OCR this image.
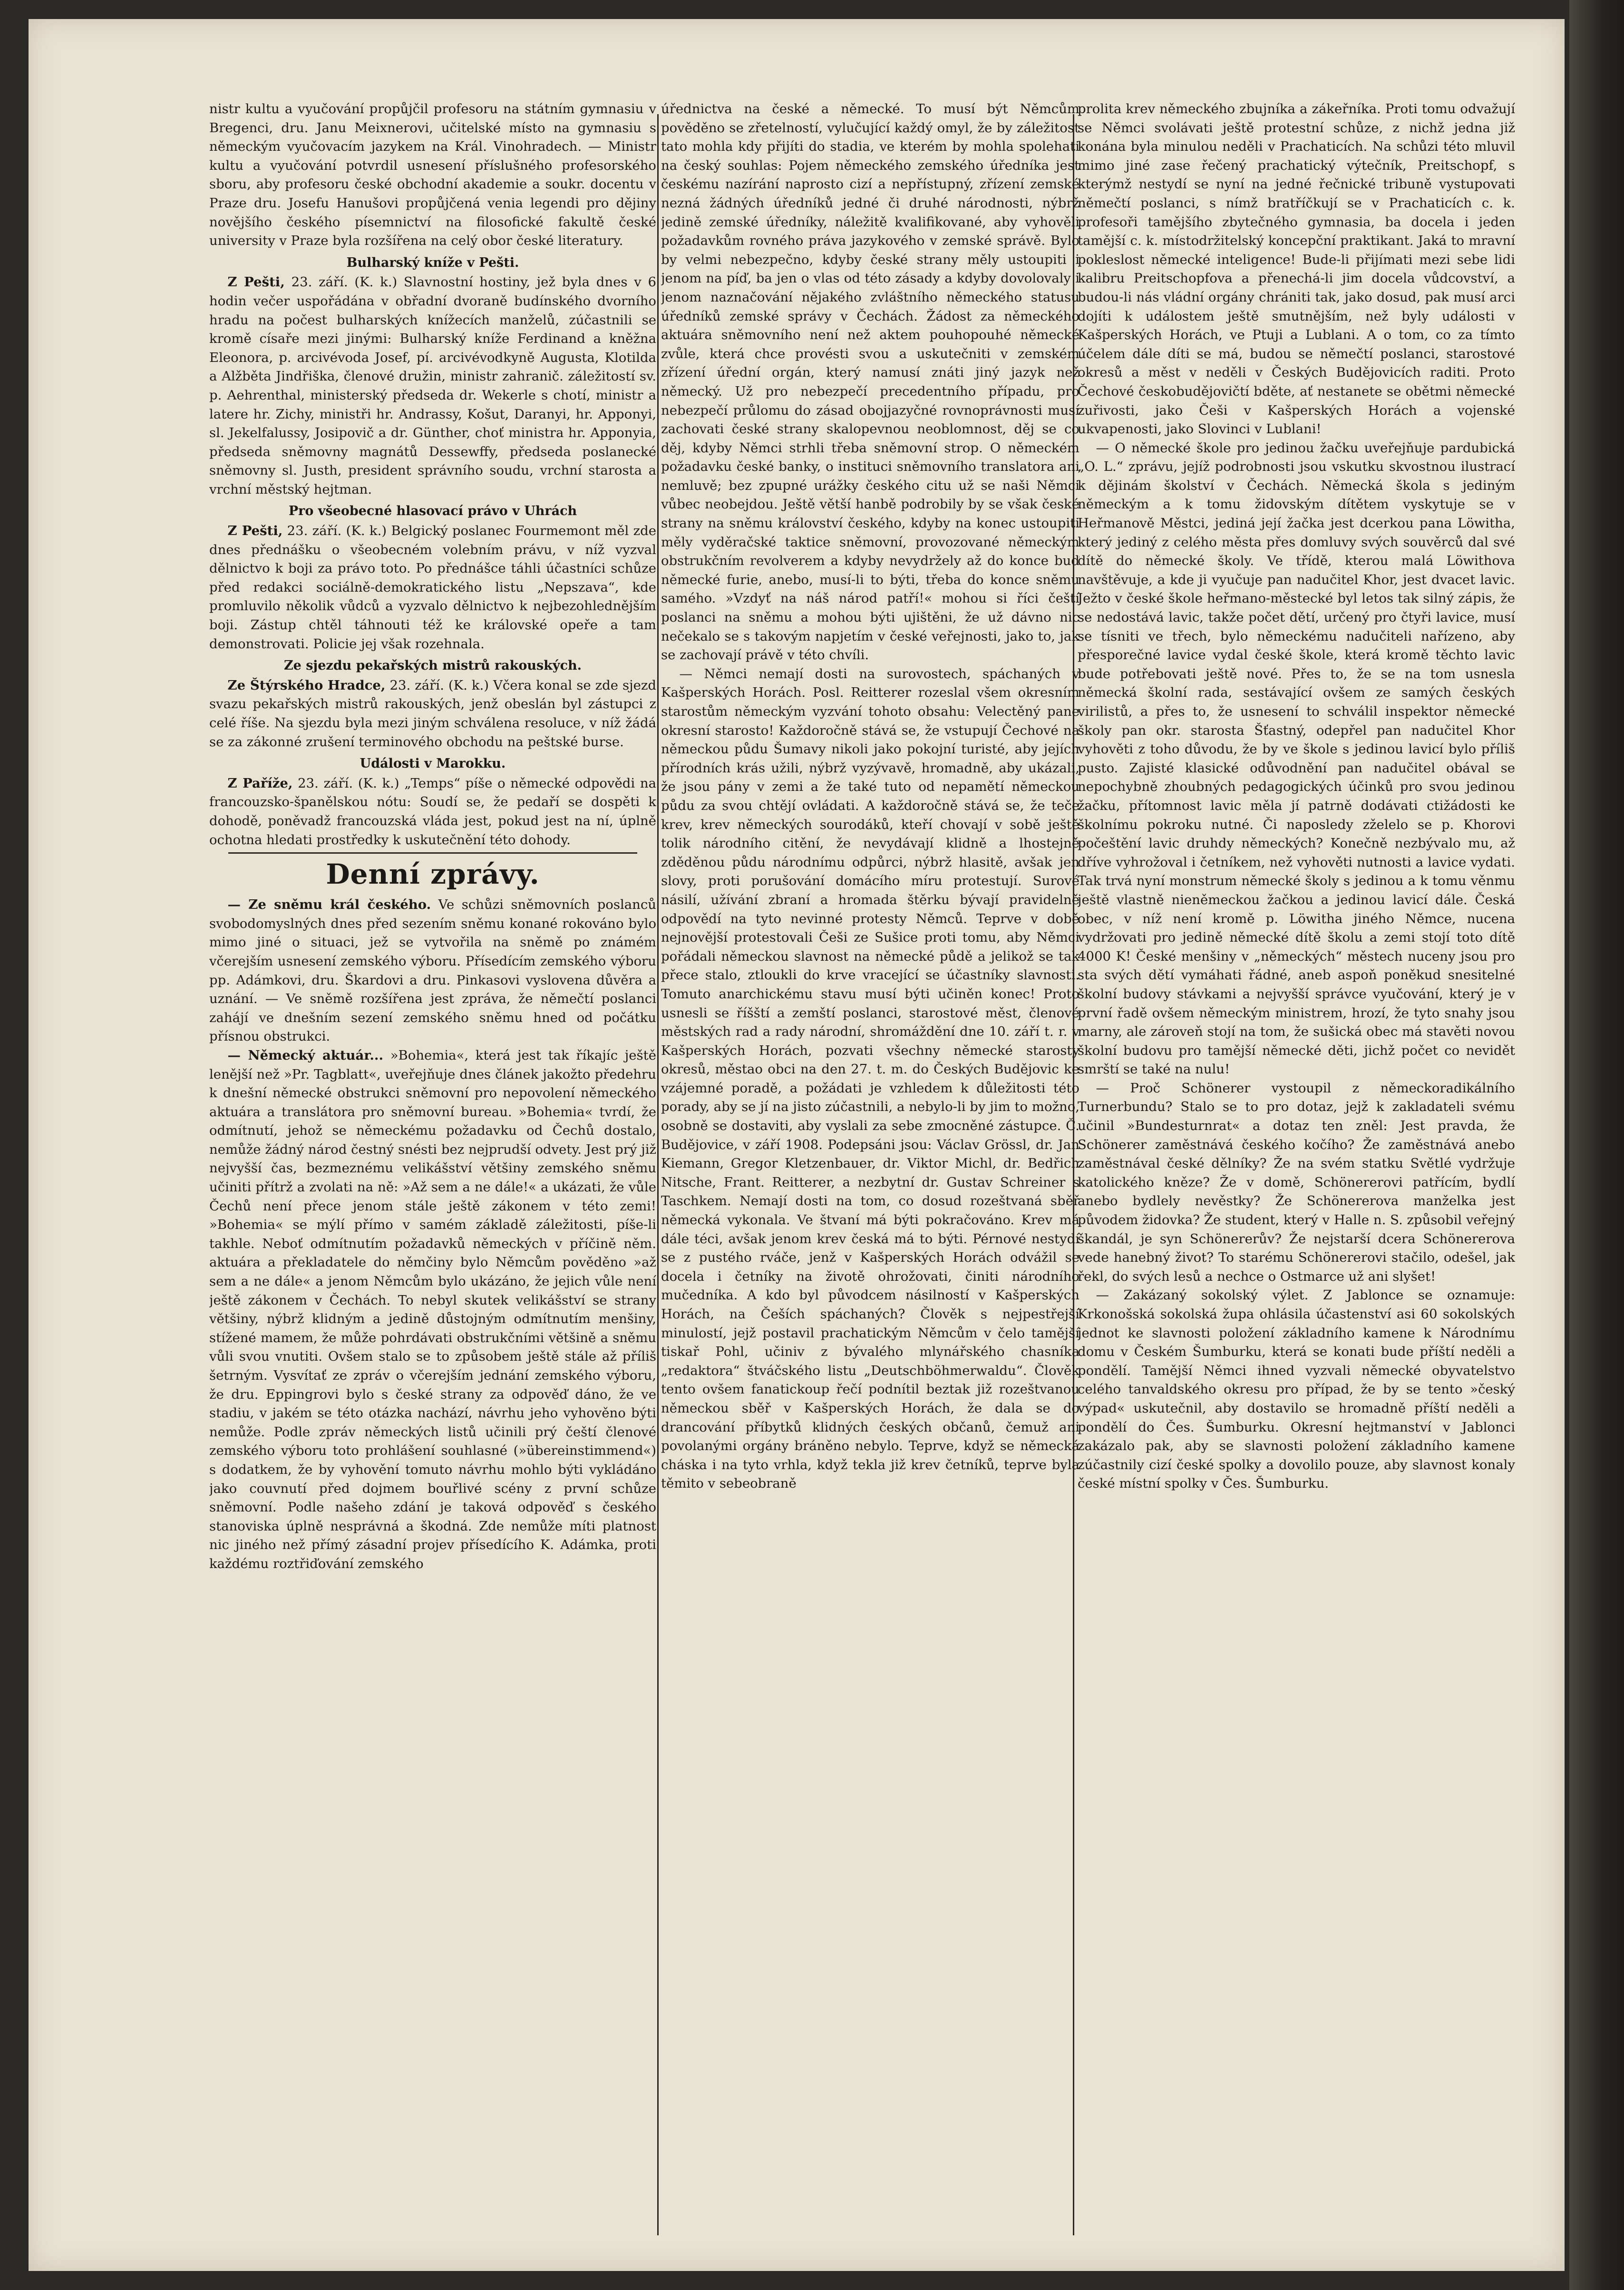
nistr kultu a vyučování propůjčil profesoru na státním gymnasiu v Bregenci, dru. Janu Meixnerovi, učitelské místo na gymnasiu s německým vyučovacím jazykem na Král. Vinohradech. — Ministr kultu a vyučování potvrdil usnesení příslušného profesorského sboru, aby profesoru české obchodní akademie a soukr. docentu v Praze dru. Josefu Hanušovi propůjčená venia legendi pro dějiny novějšího českého písemnictví na filosofické fakultě české university v Praze byla rozšířena na celý obor české literatury.

Bulharský kníže v Pešti.

Z Pešti, 23. září. (K. k.) Slavnostní hostiny, jež byla dnes v 6 hodin večer uspořádána v obřadní dvoraně budínského dvorního hradu na počest bulharských knížecích manželů, zúčastnili se kromě císaře mezi jinými: Bulharský kníže Ferdinand a kněžna Eleonora, p. arcivévoda Josef, pí. arcivévodkyně Augusta, Klotilda a Alžběta Jindřiška, členové družin, ministr zahranič. záležitostí sv. p. Aehrenthal, ministerský předseda dr. Wekerle s chotí, ministr a latere hr. Zichy, ministři hr. Andrassy, Košut, Daranyi, hr. Apponyi, sl. Jekelfalussy, Josipovič a dr. Günther, choť ministra hr. Apponyia, předseda sněmovny magnátů Dessewffy, předseda poslanecké sněmovny sl. Justh, president správního soudu, vrchní starosta a vrchní městský hejtman.

Pro všeobecné hlasovací právo v Uhrách

Z Pešti, 23. září. (K. k.) Belgický poslanec Fourmemont měl zde dnes přednášku o všeobecném volebním právu, v níž vyzval dělnictvo k boji za právo toto. Po přednášce táhli účastníci schůze před redakci sociálně-demokratického listu „Nepszava“, kde promluvilo několik vůdců a vyzvalo dělnictvo k nejbezohlednějším boji. Zástup chtěl táhnouti též ke královské opeře a tam demonstrovati. Policie jej však rozehnala.

Ze sjezdu pekařských mistrů rakouských.

Ze Štýrského Hradce, 23. září. (K. k.) Včera konal se zde sjezd svazu pekařských mistrů rakouských, jenž obeslán byl zástupci z celé říše. Na sjezdu byla mezi jiným schválena resoluce, v níž žádá se za zákonné zrušení terminového obchodu na peštské burse.

Události v Marokku.

Z Paříže, 23. září. (K. k.) „Temps“ píše o německé odpovědi na francouzsko-španělskou nótu: Soudí se, že pedaří se dospěti k dohodě, poněvadž francouzská vláda jest, pokud jest na ní, úplně ochotna hledati prostředky k uskutečnění této dohody.

Denní zprávy.

— Ze sněmu král českého. Ve schůzi sněmovních poslanců svobodomyslných dnes před sezením sněmu konané rokováno bylo mimo jiné o situaci, jež se vytvořila na sněmě po známém včerejším usnesení zemského výboru. Přísedícím zemského výboru pp. Adámkovi, dru. Škardovi a dru. Pinkasovi vyslovena důvěra a uznání. — Ve sněmě rozšířena jest zpráva, že němečtí poslanci zahájí ve dnešním sezení zemského sněmu hned od počátku přísnou obstrukci.

— Německý aktuár... »Bohemia«, která jest tak říkajíc ještě lenější než »Pr. Tagblatt«, uveřejňuje dnes článek jakožto předehru k dnešní německé obstrukci sněmovní pro nepovolení německého aktuára a translátora pro sněmovní bureau. »Bohemia« tvrdí, že odmítnutí, jehož se německému požadavku od Čechů dostalo, nemůže žádný národ čestný snésti bez nejprudší odvety. Jest prý již nejvyšší čas, bezmeznému velikášství většiny zemského sněmu učiniti přítrž a zvolati na ně: »Až sem a ne dále!« a ukázati, že vůle Čechů není přece jenom stále ještě zákonem v této zemi! »Bohemia« se mýlí přímo v samém základě záležitosti, píše-li takhle. Neboť odmítnutím požadavků německých v příčině něm. aktuára a překladatele do němčiny bylo Němcům pověděno »až sem a ne dále« a jenom Němcům bylo ukázáno, že jejich vůle není ještě zákonem v Čechách. To nebyl skutek velikášství se strany většiny, nýbrž klidným a jedině důstojným odmítnutím menšiny, stížené mamem, že může pohrdávati obstrukčními většině a sněmu vůli svou vnutiti. Ovšem stalo se to způsobem ještě stále až příliš šetrným. Vysvítať ze zpráv o včerejším jednání zemského výboru, že dru. Eppingrovi bylo s české strany za odpověď dáno, že ve stadiu, v jakém se této otázka nachází, návrhu jeho vyhověno býti nemůže. Podle zpráv německých listů učinili prý čeští členové zemského výboru toto prohlášení souhlasné (»übereinstimmend«) s dodatkem, že by vyhovění tomuto návrhu mohlo býti vykládáno jako couvnutí před dojmem bouřlivé scény z první schůze sněmovní. Podle našeho zdání je taková odpověď s českého stanoviska úplně nesprávná a škodná. Zde nemůže míti platnost nic jiného než přímý zásadní projev přísedícího K. Adámka, proti každému roztřiďování zemského

úřednictva na české a německé. To musí být Němcům pověděno se zřetelností, vylučující každý omyl, že by záležitost tato mohla kdy přijíti do stadia, ve kterém by mohla spolehati na český souhlas: Pojem německého zemského úředníka jest českému nazírání naprosto cizí a nepřístupný, zřízení zemské nezná žádných úředníků jedné či druhé národnosti, nýbrž jedině zemské úředníky, náležitě kvalifikované, aby vyhověli požadavkům rovného práva jazykového v zemské správě. Bylo by velmi nebezpečno, kdyby české strany měly ustoupiti i jenom na píď, ba jen o vlas od této zásady a kdyby dovolovaly i jenom naznačování nějakého zvláštního německého statusu úředníků zemské správy v Čechách. Žádost za německého aktuára sněmovního není než aktem pouhopouhé německé zvůle, která chce provésti svou a uskutečniti v zemském zřízení úřední orgán, který namusí znáti jiný jazyk než německý. Už pro nebezpečí precedentního případu, pro nebezpečí průlomu do zásad obojjazyčné rovnoprávnosti musí zachovati české strany skalopevnou neoblomnost, děj se co děj, kdyby Němci strhli třeba sněmovní strop. O německém požadavku české banky, o instituci sněmovního translatora ani nemluvě; bez zpupné urážky českého citu už se naši Němci vůbec neobejdou. Ještě větší hanbě podrobily by se však české strany na sněmu království českého, kdyby na konec ustoupiti měly vyděračské taktice sněmovní, provozované německým obstrukčním revolverem a kdyby nevydržely až do konce buď německé furie, anebo, musí-li to býti, třeba do konce sněmu samého. »Vzdyť na náš národ patří!« mohou si říci čeští poslanci na sněmu a mohou býti ujištěni, že už dávno nic nečekalo se s takovým napjetím v české veřejnosti, jako to, jak se zachovají právě v této chvíli.

— Němci nemají dosti na surovostech, spáchaných v Kašperských Horách. Posl. Reitterer rozeslal všem okresním starostům německým vyzvání tohoto obsahu: Velectěný pane okresní starosto! Každoročně stává se, že vstupují Čechové na německou půdu Šumavy nikoli jako pokojní turisté, aby jejích přírodních krás užili, nýbrž vyzývavě, hromadně, aby ukázali, že jsou pány v zemi a že také tuto od nepamětí německou půdu za svou chtějí ovládati. A každoročně stává se, že teče krev, krev německých sourodáků, kteří chovají v sobě ještě tolik národního citění, že nevydávají klidně a lhostejně zděděnou půdu národnímu odpůrci, nýbrž hlasitě, avšak jen slovy, proti porušování domácího míru protestují. Surové násilí, užívání zbraní a hromada štěrku bývají pravidelně odpovědí na tyto nevinné protesty Němců. Teprve v době nejnovější protestovali Češi ze Sušice proti tomu, aby Němci pořádali německou slavnost na německé půdě a jelikož se tak přece stalo, ztloukli do krve vracející se účastníky slavnosti. Tomuto anarchickému stavu musí býti učiněn konec! Proto usnesli se říšští a zemští poslanci, starostové měst, členové městských rad a rady národní, shromáždění dne 10. září t. r. v Kašperských Horách, pozvati všechny německé starosty okresů, městao obci na den 27. t. m. do Českých Budějovic ke vzájemné poradě, a požádati je vzhledem k důležitosti této porady, aby se jí na jisto zúčastnili, a nebylo-li by jim to možno, osobně se dostaviti, aby vyslali za sebe zmocněné zástupce. Č. Budějovice, v září 1908. Podepsáni jsou: Václav Grössl, dr. Jan Kiemann, Gregor Kletzenbauer, dr. Viktor Michl, dr. Bedřich Nitsche, Frant. Reitterer, a nezbytní dr. Gustav Schreiner s Taschkem. Nemají dosti na tom, co dosud rozeštvaná sběř německá vykonala. Ve štvaní má býti pokračováno. Krev má dále téci, avšak jenom krev česká má to býti. Pérnové nestydí se z pustého rváče, jenž v Kašperských Horách odvážil se docela i četníky na životě ohrožovati, činiti národního mučedníka. A kdo byl původcem násilností v Kašperských Horách, na Češích spáchaných? Člověk s nejpestřejší minulostí, jejž postavil prachatickým Němcům v čelo tamější tiskař Pohl, učiniv z bývalého mlynářského chasníka „redaktora“ štváčského listu „Deutschböhmerwaldu“. Člověk tento ovšem fanatickoup řečí podnítil beztak již rozeštvanou německou sběř v Kašperských Horách, že dala se do drancování příbytků klidných českých občanů, čemuž ani povolanými orgány bráněno nebylo. Teprve, když se německá cháska i na tyto vrhla, když tekla již krev četníků, teprve byla těmito v sebeobraně

prolita krev německého zbujníka a zákeřníka. Proti tomu odvažují se Němci svolávati ještě protestní schůze, z nichž jedna již konána byla minulou neděli v Prachaticích. Na schůzi této mluvil mimo jiné zase řečený prachatický výtečník, Preitschopf, s kterýmž nestydí se nyní na jedné řečnické tribuně vystupovati němečtí poslanci, s nímž bratříčkují se v Prachaticích c. k. profesoři tamějšího zbytečného gymnasia, ba docela i jeden tamější c. k. místodržitelský koncepční praktikant. Jaká to mravní pokleslost německé inteligence! Bude-li přijímati mezi sebe lidi kalibru Preitschopfova a přenechá-li jim docela vůdcovství, a budou-li nás vládní orgány chrániti tak, jako dosud, pak musí arci dojíti k událostem ještě smutnějším, než byly události v Kašperských Horách, ve Ptuji a Lublani. A o tom, co za tímto účelem dále díti se má, budou se němečtí poslanci, starostové okresů a měst v neděli v Českých Budějovicích raditi. Proto Čechové českobudějovičtí bděte, ať nestanete se obětmi německé zuřivosti, jako Češi v Kašperských Horách a vojenské ukvapenosti, jako Slovinci v Lublani!

— O německé škole pro jedinou žačku uveřejňuje pardubická „O. L.“ zprávu, jejíž podrobnosti jsou vskutku skvostnou ilustrací k dějinám školství v Čechách. Německá škola s jediným německým a k tomu židovským dítětem vyskytuje se v Heřmanově Městci, jediná její žačka jest dcerkou pana Löwitha, který jediný z celého města přes domluvy svých souvěrců dal své dítě do německé školy. Ve třídě, kterou malá Löwithova navštěvuje, a kde ji vyučuje pan nadučitel Khor, jest dvacet lavic. Ježto v české škole heřmano-městecké byl letos tak silný zápis, že se nedostává lavic, takže počet dětí, určený pro čtyři lavice, musí se tísniti ve třech, bylo německému nadučiteli nařízeno, aby přesporečné lavice vydal české škole, která kromě těchto lavic bude potřebovati ještě nové. Přes to, že se na tom usnesla německá školní rada, sestávající ovšem ze samých českých virilistů, a přes to, že usnesení to schválil inspektor německé školy pan okr. starosta Šťastný, odepřel pan nadučitel Khor vyhověti z toho důvodu, že by ve škole s jedinou lavicí bylo příliš pusto. Zajisté klasické odůvodnění pan nadučitel obával se nepochybně zhoubných pedagogických účinků pro svou jedinou žačku, přítomnost lavic měla jí patrně dodávati ctižádosti ke školnímu pokroku nutné. Či naposledy zželelo se p. Khorovi počeštění lavic druhdy německých? Konečně nezbývalo mu, až dříve vyhrožoval i četníkem, než vyhověti nutnosti a lavice vydati. Tak trvá nyní monstrum německé školy s jedinou a k tomu věnmu ještě vlastně nieněmeckou žačkou a jedinou lavicí dále. Česká obec, v níž není kromě p. Löwitha jiného Němce, nucena vydržovati pro jedině německé dítě školu a zemi stojí toto dítě 4000 K! České menšiny v „německých“ městech nuceny jsou pro sta svých dětí vymáhati řádné, aneb aspoň poněkud snesitelné školní budovy stávkami a nejvyšší správce vyučování, který je v první řadě ovšem německým ministrem, hrozí, že tyto snahy jsou marny, ale zároveň stojí na tom, že sušická obec má stavěti novou školní budovu pro tamější německé děti, jichž počet co nevidět smrští se také na nulu!

— Proč Schönerer vystoupil z německoradikálního Turnerbundu? Stalo se to pro dotaz, jejž k zakladateli svému učinil »Bundesturnrat« a dotaz ten zněl: Jest pravda, že Schönerer zaměstnává českého kočího? Že zaměstnává anebo zaměstnával české dělníky? Že na svém statku Světlé vydržuje katolického kněze? Že v domě, Schönererovi patřícím, bydlí anebo bydlely nevěstky? Že Schönererova manželka jest původem židovka? Že student, který v Halle n. S. způsobil veřejný škandál, je syn Schönererův? Že nejstarší dcera Schönererova vede hanebný život? To starému Schönererovi stačilo, odešel, jak řekl, do svých lesů a nechce o Ostmarce už ani slyšet!

— Zakázaný sokolský výlet. Z Jablonce se oznamuje: Krkonošská sokolská župa ohlásila účastenství asi 60 sokolských jednot ke slavnosti položení základního kamene k Národnímu domu v Českém Šumburku, která se konati bude příští neděli a pondělí. Tamější Němci ihned vyzvali německé obyvatelstvo celého tanvaldského okresu pro případ, že by se tento »český výpad« uskutečnil, aby dostavilo se hromadně příští neděli a pondělí do Čes. Šumburku. Okresní hejtmanství v Jablonci zakázalo pak, aby se slavnosti položení základního kamene zúčastnily cizí české spolky a dovolilo pouze, aby slavnost konaly české místní spolky v Čes. Šumburku.
